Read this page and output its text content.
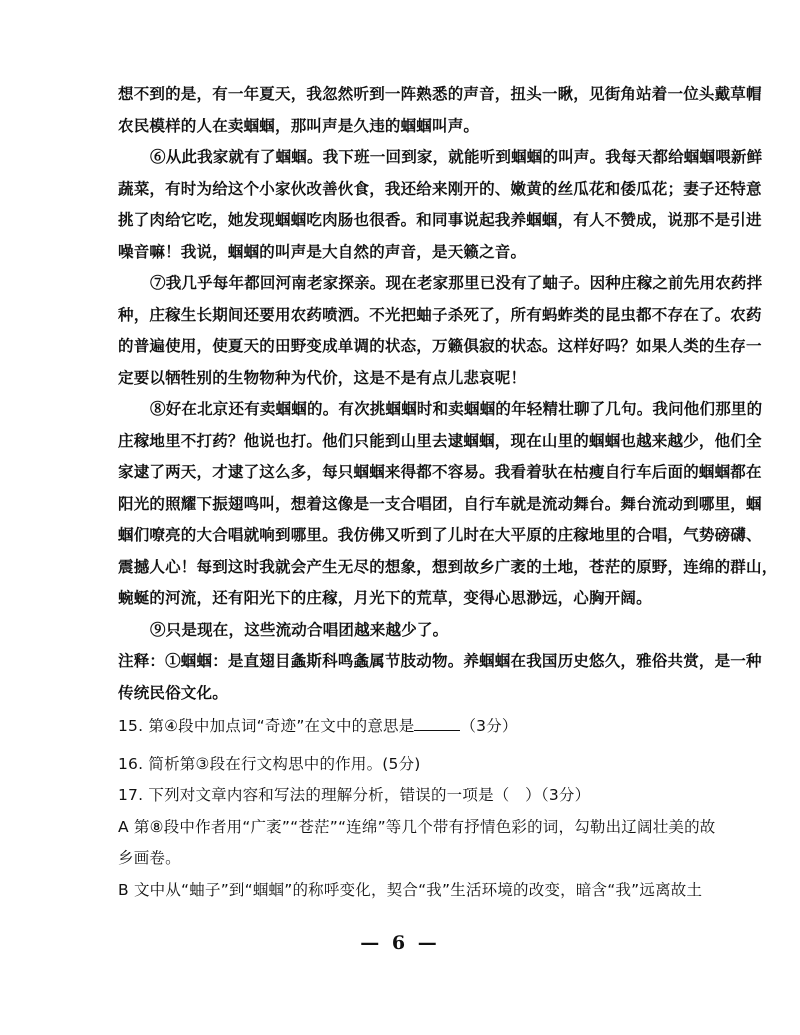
想不到的是，有一年夏天，我忽然听到一阵熟悉的声音，扭头一瞅，见街角站着一位头戴草帽
农民模样的人在卖蝈蝈，那叫声是久违的蝈蝈叫声。
⑥从此我家就有了蝈蝈。我下班一回到家，就能听到蝈蝈的叫声。我每天都给蝈蝈喂新鲜
蔬菜，有时为给这个小家伙改善伙食，我还给来刚开的、嫩黄的丝瓜花和倭瓜花；妻子还特意
挑了肉给它吃，她发现蝈蝈吃肉肠也很香。和同事说起我养蝈蝈，有人不赞成，说那不是引进
噪音嘛！我说，蝈蝈的叫声是大自然的声音，是天籁之音。
⑦我几乎每年都回河南老家探亲。现在老家那里已没有了蚰子。因种庄稼之前先用农药拌
种，庄稼生长期间还要用农药喷洒。不光把蚰子杀死了，所有蚂蚱类的昆虫都不存在了。农药
的普遍使用，使夏天的田野变成单调的状态，万籁俱寂的状态。这样好吗？如果人类的生存一
定要以牺牲别的生物物种为代价，这是不是有点儿悲哀呢！
⑧好在北京还有卖蝈蝈的。有次挑蝈蝈时和卖蝈蝈的年轻精壮聊了几句。我问他们那里的
庄稼地里不打药？他说也打。他们只能到山里去逮蝈蝈，现在山里的蝈蝈也越来越少，他们全
家逮了两天，才逮了这么多，每只蝈蝈来得都不容易。我看着驮在枯瘦自行车后面的蝈蝈都在
阳光的照耀下振翅鸣叫，想着这像是一支合唱团，自行车就是流动舞台。舞台流动到哪里，蝈
蝈们嘹亮的大合唱就响到哪里。我仿佛又听到了儿时在大平原的庄稼地里的合唱，气势磅礴、
震撼人心！每到这时我就会产生无尽的想象，想到故乡广袤的土地，苍茫的原野，连绵的群山，
蜿蜒的河流，还有阳光下的庄稼，月光下的荒草，变得心思渺远，心胸开阔。
⑨只是现在，这些流动合唱团越来越少了。
注释：①蝈蝈：是直翅目螽斯科鸣螽属节肢动物。养蝈蝈在我国历史悠久，雅俗共赏，是一种
传统民俗文化。
15. 第④段中加点词“奇 ·迹 ·”在文中的意思是	（3分）
16. 简析第③段在行文构思中的作用。(5分)
17. 下列对文章内容和写法的理解分析，错误的一项是（　）（3分）
A 第⑧段中作者用“广袤”“苍茫”“连绵”等几个带有抒情色彩的词，勾勒出辽阔壮美的故
乡画卷。
B 文中从“蚰子”到“蝈蝈”的称呼变化，契合“我”生活环境的改变，暗含“我”远离故土
— 6 —
